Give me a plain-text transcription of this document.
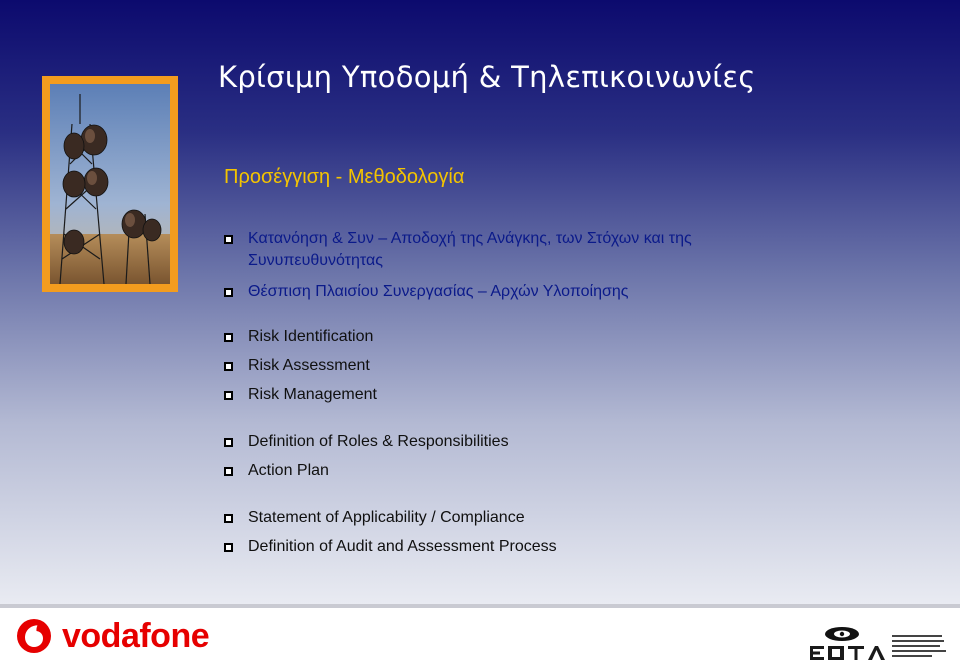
Κρίσιμη Υποδομή & Τηλεπικοινωνίες
Προσέγγιση - Μεθοδολογία
Κατανόηση & Συν – Αποδοχή της Ανάγκης, των Στόχων και της
Συνυπευθυνότητας
Θέσπιση Πλαισίου Συνεργασίας – Αρχών Υλοποίησης
Risk Identification
Risk Assessment
Risk Management
Definition of Roles & Responsibilities
Action Plan
Statement of Applicability / Compliance
Definition of Audit and Assessment Process
vodafone
